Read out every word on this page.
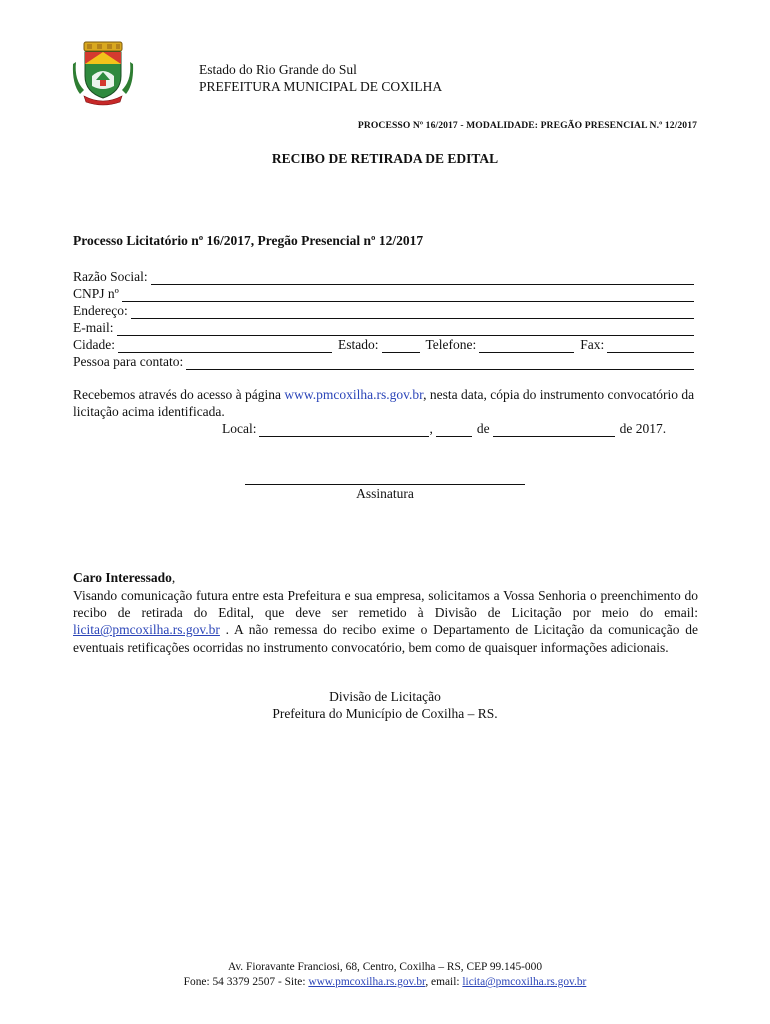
Estado do Rio Grande do Sul
PREFEITURA MUNICIPAL DE COXILHA
PROCESSO Nº 16/2017 - MODALIDADE: PREGÃO PRESENCIAL N.º 12/2017
RECIBO DE RETIRADA DE EDITAL
Processo Licitatório nº 16/2017, Pregão Presencial nº 12/2017
Razão Social:
CNPJ nº
Endereço:
E-mail:
Cidade:	Estado:	Telefone:	Fax:
Pessoa para contato:
Recebemos através do acesso à página www.pmcoxilha.rs.gov.br, nesta data, cópia do instrumento convocatório da licitação acima identificada.
Local:	,	de	de 2017.
Assinatura
Caro Interessado,
Visando comunicação futura entre esta Prefeitura e sua empresa, solicitamos a Vossa Senhoria o preenchimento do recibo de retirada do Edital, que deve ser remetido à Divisão de Licitação por meio do email: licita@pmcoxilha.rs.gov.br . A não remessa do recibo exime o Departamento de Licitação da comunicação de eventuais retificações ocorridas no instrumento convocatório, bem como de quaisquer informações adicionais.
Divisão de Licitação
Prefeitura do Município de Coxilha – RS.
Av. Fioravante Franciosi, 68, Centro, Coxilha – RS, CEP 99.145-000
Fone: 54 3379 2507 - Site: www.pmcoxilha.rs.gov.br, email: licita@pmcoxilha.rs.gov.br
